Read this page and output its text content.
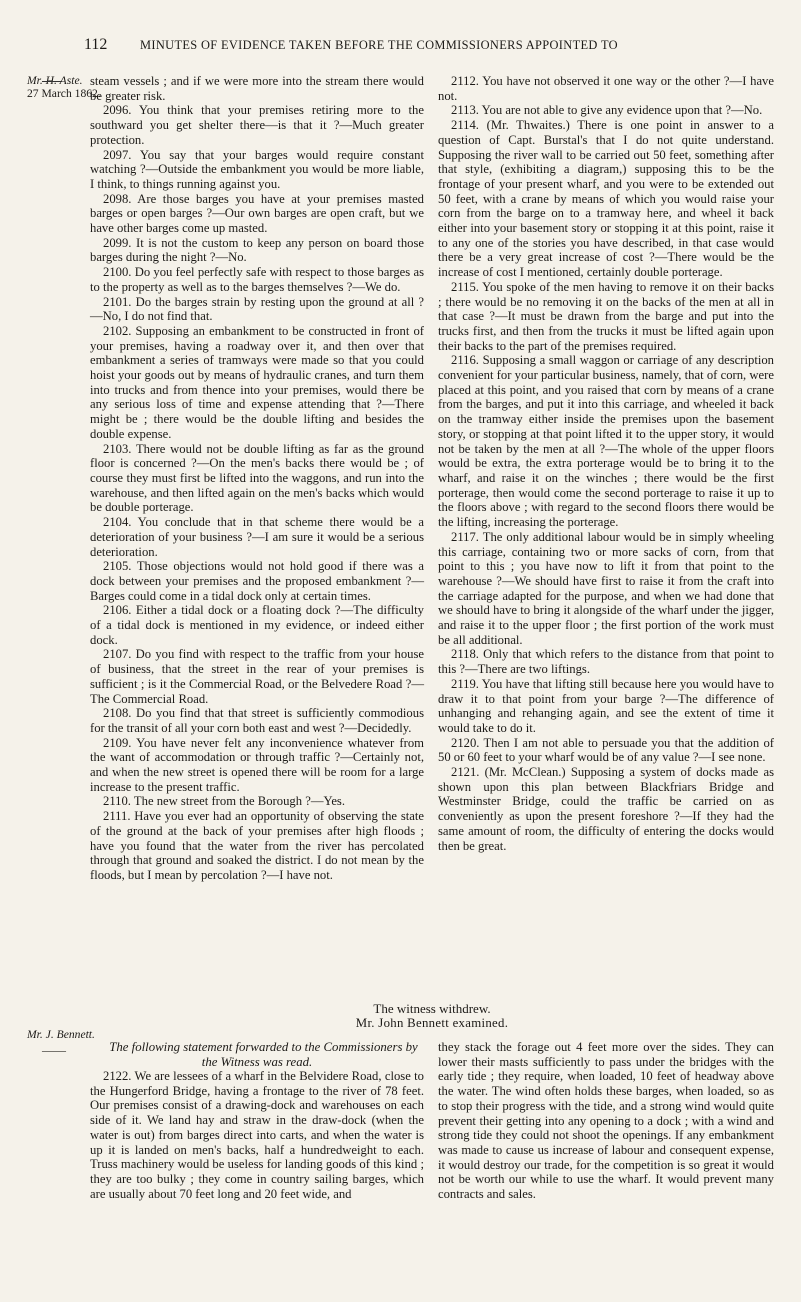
112	MINUTES OF EVIDENCE TAKEN BEFORE THE COMMISSIONERS APPOINTED TO
Mr. H. Aste.
27 March 1862.

steam vessels ; and if we were more into the stream there would be greater risk.

2096. You think that your premises retiring more to the southward you get shelter there—is that it ?—Much greater protection.

2097. You say that your barges would require constant watching ?—Outside the embankment you would be more liable, I think, to things running against you.

2098. Are those barges you have at your premises masted barges or open barges ?—Our own barges are open craft, but we have other barges come up masted.

2099. It is not the custom to keep any person on board those barges during the night ?—No.

2100. Do you feel perfectly safe with respect to those barges as to the property as well as to the barges themselves ?—We do.

2101. Do the barges strain by resting upon the ground at all ?—No, I do not find that.

2102. Supposing an embankment to be constructed in front of your premises, having a roadway over it, and then over that embankment a series of tramways were made so that you could hoist your goods out by means of hydraulic cranes, and turn them into trucks and from thence into your premises, would there be any serious loss of time and expense attending that ?—There might be ; there would be the double lifting and besides the double expense.

2103. There would not be double lifting as far as the ground floor is concerned ?—On the men's backs there would be ; of course they must first be lifted into the waggons, and run into the warehouse, and then lifted again on the men's backs which would be double porterage.

2104. You conclude that in that scheme there would be a deterioration of your business ?—I am sure it would be a serious deterioration.

2105. Those objections would not hold good if there was a dock between your premises and the proposed embankment ?—Barges could come in a tidal dock only at certain times.

2106. Either a tidal dock or a floating dock ?—The difficulty of a tidal dock is mentioned in my evidence, or indeed either dock.

2107. Do you find with respect to the traffic from your house of business, that the street in the rear of your premises is sufficient ; is it the Commercial Road, or the Belvedere Road ?—The Commercial Road.

2108. Do you find that that street is sufficiently commodious for the transit of all your corn both east and west ?—Decidedly.

2109. You have never felt any inconvenience whatever from the want of accommodation or through traffic ?—Certainly not, and when the new street is opened there will be room for a large increase to the present traffic.

2110. The new street from the Borough ?—Yes.

2111. Have you ever had an opportunity of observing the state of the ground at the back of your premises after high floods ; have you found that the water from the river has percolated through that ground and soaked the district. I do not mean by the floods, but I mean by percolation ?—I have not.

2112. You have not observed it one way or the other ?—I have not.

2113. You are not able to give any evidence upon that ?—No.

2114. (Mr. Thwaites.) There is one point in answer to a question of Capt. Burstal's that I do not quite understand. Supposing the river wall to be carried out 50 feet, something after that style, (exhibiting a diagram,) supposing this to be the frontage of your present wharf, and you were to be extended out 50 feet, with a crane by means of which you would raise your corn from the barge on to a tramway here, and wheel it back either into your basement story or stopping it at this point, raise it to any one of the stories you have described, in that case would there be a very great increase of cost ?—There would be the increase of cost I mentioned, certainly double porterage.

2115. You spoke of the men having to remove it on their backs ; there would be no removing it on the backs of the men at all in that case ?—It must be drawn from the barge and put into the trucks first, and then from the trucks it must be lifted again upon their backs to the part of the premises required.

2116. Supposing a small waggon or carriage of any description convenient for your particular business, namely, that of corn, were placed at this point, and you raised that corn by means of a crane from the barges, and put it into this carriage, and wheeled it back on the tramway either inside the premises upon the basement story, or stopping at that point lifted it to the upper story, it would not be taken by the men at all ?—The whole of the upper floors would be extra, the extra porterage would be to bring it to the wharf, and raise it on the winches ; there would be the first porterage, then would come the second porterage to raise it up to the floors above ; with regard to the second floors there would be the lifting, increasing the porterage.

2117. The only additional labour would be in simply wheeling this carriage, containing two or more sacks of corn, from that point to this ; you have now to lift it from that point to the warehouse ?—We should have first to raise it from the craft into the carriage adapted for the purpose, and when we had done that we should have to bring it alongside of the wharf under the jigger, and raise it to the upper floor ; the first portion of the work must be all additional.

2118. Only that which refers to the distance from that point to this ?—There are two liftings.

2119. You have that lifting still because here you would have to draw it to that point from your barge ?—The difference of unhanging and rehanging again, and see the extent of time it would take to do it.

2120. Then I am not able to persuade you that the addition of 50 or 60 feet to your wharf would be of any value ?—I see none.

2121. (Mr. McClean.) Supposing a system of docks made as shown upon this plan between Blackfriars Bridge and Westminster Bridge, could the traffic be carried on as conveniently as upon the present foreshore ?—If they had the same amount of room, the difficulty of entering the docks would then be great.

The witness withdrew.
Mr. John Bennett examined.
Mr. J. Bennett.
——	The following statement forwarded to the Commissioners by the Witness was read.

2122. We are lessees of a wharf in the Belvidere Road, close to the Hungerford Bridge, having a frontage to the river of 78 feet. Our premises consist of a drawing-dock and warehouses on each side of it. We land hay and straw in the draw-dock (when the water is out) from barges direct into carts, and when the water is up it is landed on men's backs, half a hundredweight to each. Truss machinery would be useless for landing goods of this kind ; they are too bulky ; they come in country sailing barges, which are usually about 70 feet long and 20 feet wide, and

they stack the forage out 4 feet more over the sides. They can lower their masts sufficiently to pass under the bridges with the early tide ; they require, when loaded, 10 feet of headway above the water. The wind often holds these barges, when loaded, so as to stop their progress with the tide, and a strong wind would quite prevent their getting into any opening to a dock ; with a wind and strong tide they could not shoot the openings. If any embankment was made to cause us increase of labour and consequent expense, it would destroy our trade, for the competition is so great it would not be worth our while to use the wharf. It would prevent many contracts and sales.
